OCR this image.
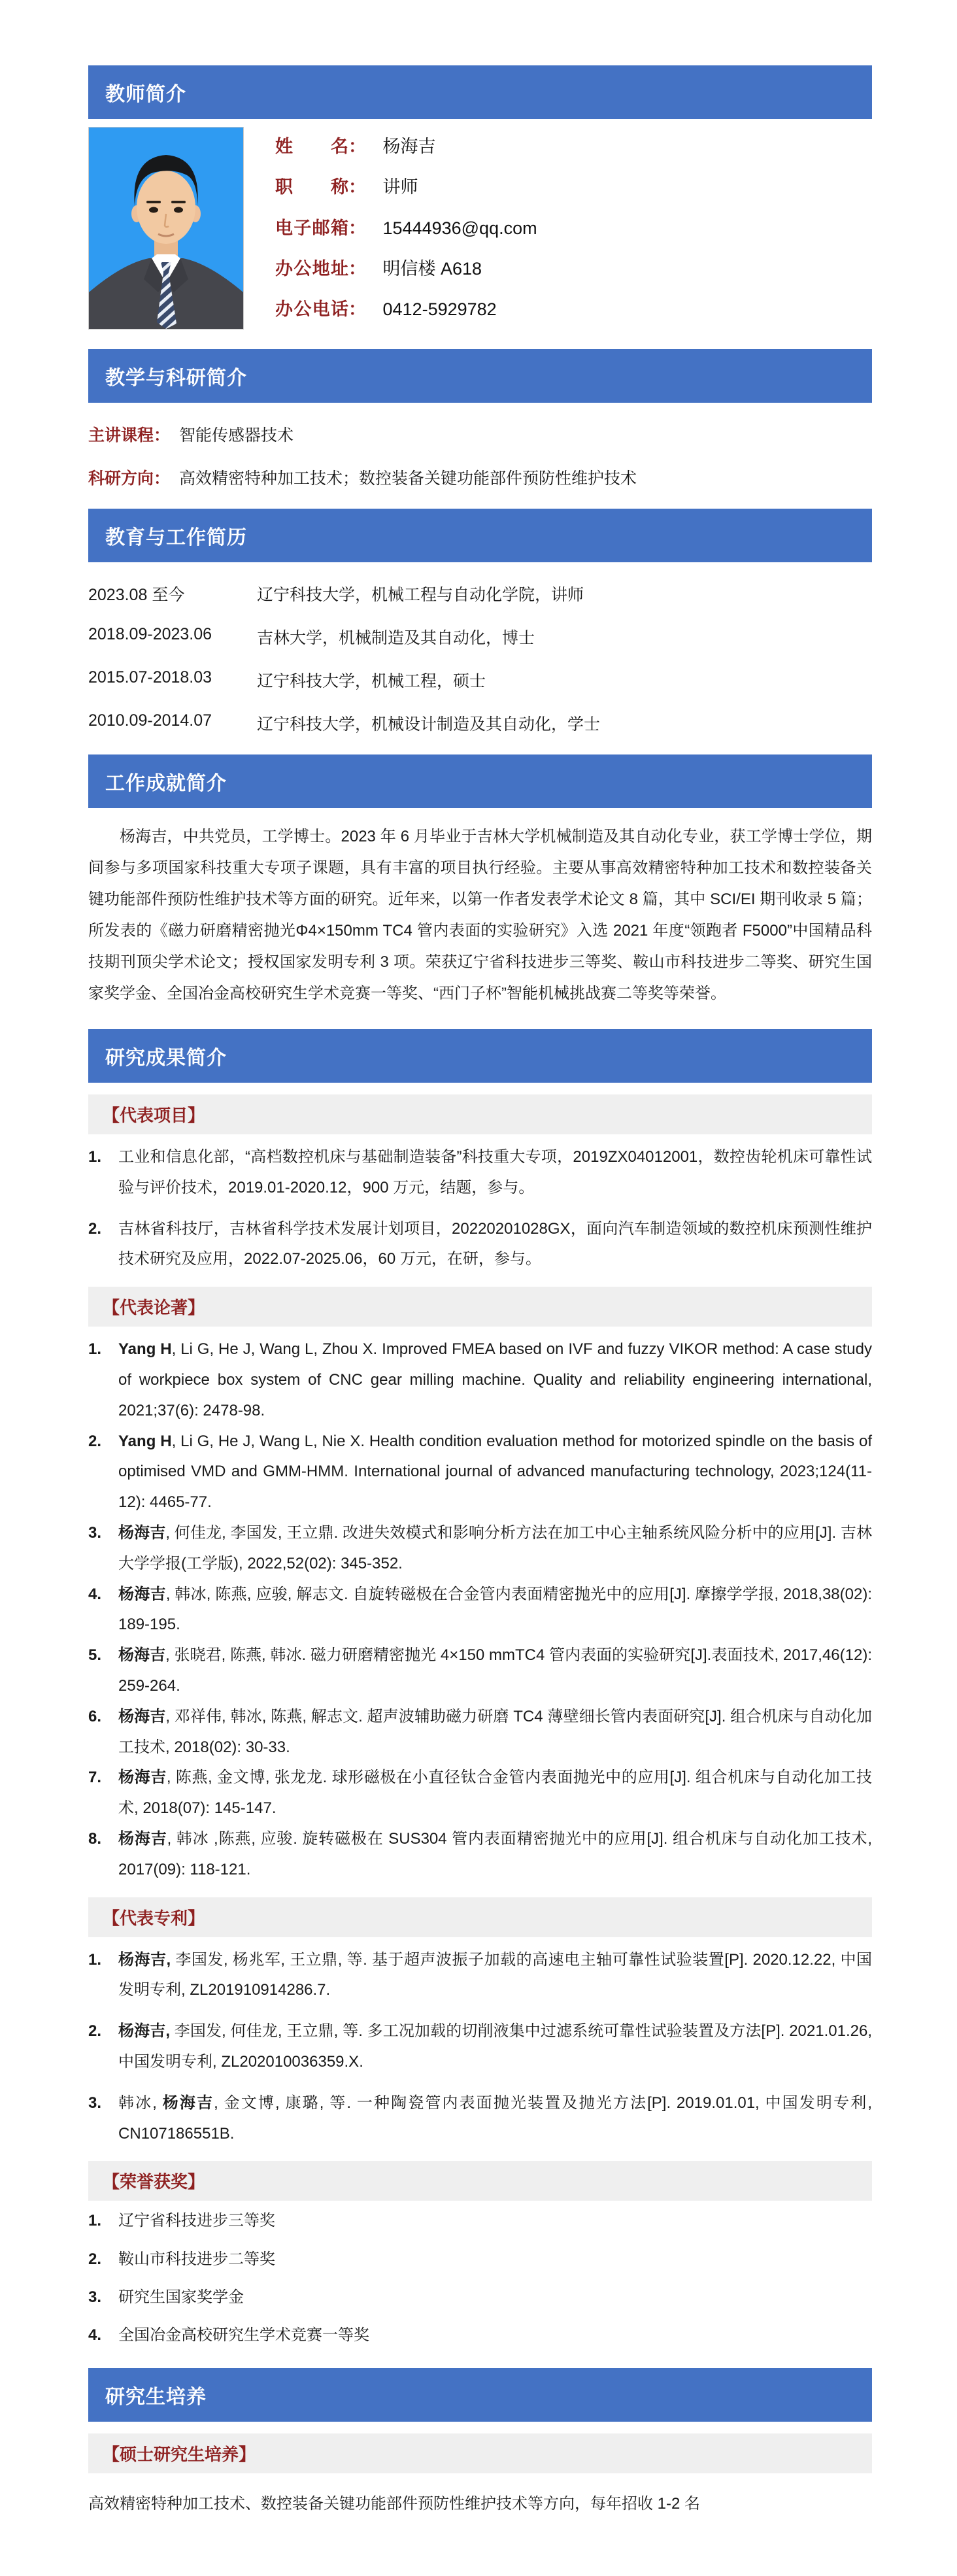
教师简介
姓名： 杨海吉
职称： 讲师
电子邮箱： 15444936@qq.com
办公地址： 明信楼 A618
办公电话： 0412-5929782
教学与科研简介
主讲课程： 智能传感器技术
科研方向： 高效精密特种加工技术；数控装备关键功能部件预防性维护技术
教育与工作简历
2023.08 至今	辽宁科技大学，机械工程与自动化学院，讲师
2018.09-2023.06	吉林大学，机械制造及其自动化，博士
2015.07-2018.03	辽宁科技大学，机械工程，硕士
2010.09-2014.07	辽宁科技大学，机械设计制造及其自动化，学士
工作成就简介
杨海吉，中共党员，工学博士。2023 年 6 月毕业于吉林大学机械制造及其自动化专业，获工学博士学位，期间参与多项国家科技重大专项子课题，具有丰富的项目执行经验。主要从事高效精密特种加工技术和数控装备关键功能部件预防性维护技术等方面的研究。近年来，以第一作者发表学术论文 8 篇，其中 SCI/EI 期刊收录 5 篇；所发表的《磁力研磨精密抛光Φ4×150mm TC4 管内表面的实验研究》入选 2021 年度“领跑者 F5000”中国精品科技期刊顶尖学术论文；授权国家发明专利 3 项。荣获辽宁省科技进步三等奖、鞍山市科技进步二等奖、研究生国家奖学金、全国冶金高校研究生学术竞赛一等奖、“西门子杯”智能机械挑战赛二等奖等荣誉。
研究成果简介
【代表项目】
1.	工业和信息化部，“高档数控机床与基础制造装备”科技重大专项，2019ZX04012001，数控齿轮机床可靠性试验与评价技术，2019.01-2020.12，900 万元，结题，参与。
2.	吉林省科技厅，吉林省科学技术发展计划项目，20220201028GX，面向汽车制造领域的数控机床预测性维护技术研究及应用，2022.07-2025.06，60 万元，在研，参与。
【代表论著】
1.	Yang H, Li G, He J, Wang L, Zhou X. Improved FMEA based on IVF and fuzzy VIKOR method: A case study of workpiece box system of CNC gear milling machine. Quality and reliability engineering international, 2021;37(6): 2478-98.
2.	Yang H, Li G, He J, Wang L, Nie X. Health condition evaluation method for motorized spindle on the basis of optimised VMD and GMM-HMM. International journal of advanced manufacturing technology, 2023;124(11-12): 4465-77.
3.	杨海吉, 何佳龙, 李国发, 王立鼎. 改进失效模式和影响分析方法在加工中心主轴系统风险分析中的应用[J]. 吉林大学学报(工学版), 2022,52(02): 345-352.
4.	杨海吉, 韩冰, 陈燕, 应骏, 解志文. 自旋转磁极在合金管内表面精密抛光中的应用[J]. 摩擦学学报, 2018,38(02): 189-195.
5.	杨海吉, 张晓君, 陈燕, 韩冰. 磁力研磨精密抛光 4×150 mmTC4 管内表面的实验研究[J].表面技术, 2017,46(12): 259-264.
6.	杨海吉, 邓祥伟, 韩冰, 陈燕, 解志文. 超声波辅助磁力研磨 TC4 薄壁细长管内表面研究[J]. 组合机床与自动化加工技术, 2018(02): 30-33.
7.	杨海吉, 陈燕, 金文博, 张龙龙. 球形磁极在小直径钛合金管内表面抛光中的应用[J]. 组合机床与自动化加工技术, 2018(07): 145-147.
8.	杨海吉, 韩冰 ,陈燕, 应骏. 旋转磁极在 SUS304 管内表面精密抛光中的应用[J]. 组合机床与自动化加工技术, 2017(09): 118-121.
【代表专利】
1.	杨海吉, 李国发, 杨兆军, 王立鼎, 等. 基于超声波振子加载的高速电主轴可靠性试验装置[P]. 2020.12.22, 中国发明专利, ZL201910914286.7.
2.	杨海吉, 李国发, 何佳龙, 王立鼎, 等. 多工况加载的切削液集中过滤系统可靠性试验装置及方法[P]. 2021.01.26, 中国发明专利, ZL202010036359.X.
3.	韩冰, 杨海吉, 金文博, 康璐, 等. 一种陶瓷管内表面抛光装置及抛光方法[P]. 2019.01.01, 中国发明专利, CN107186551B.
【荣誉获奖】
1.	辽宁省科技进步三等奖
2.	鞍山市科技进步二等奖
3.	研究生国家奖学金
4.	全国冶金高校研究生学术竞赛一等奖
研究生培养
【硕士研究生培养】
高效精密特种加工技术、数控装备关键功能部件预防性维护技术等方向，每年招收 1-2 名
